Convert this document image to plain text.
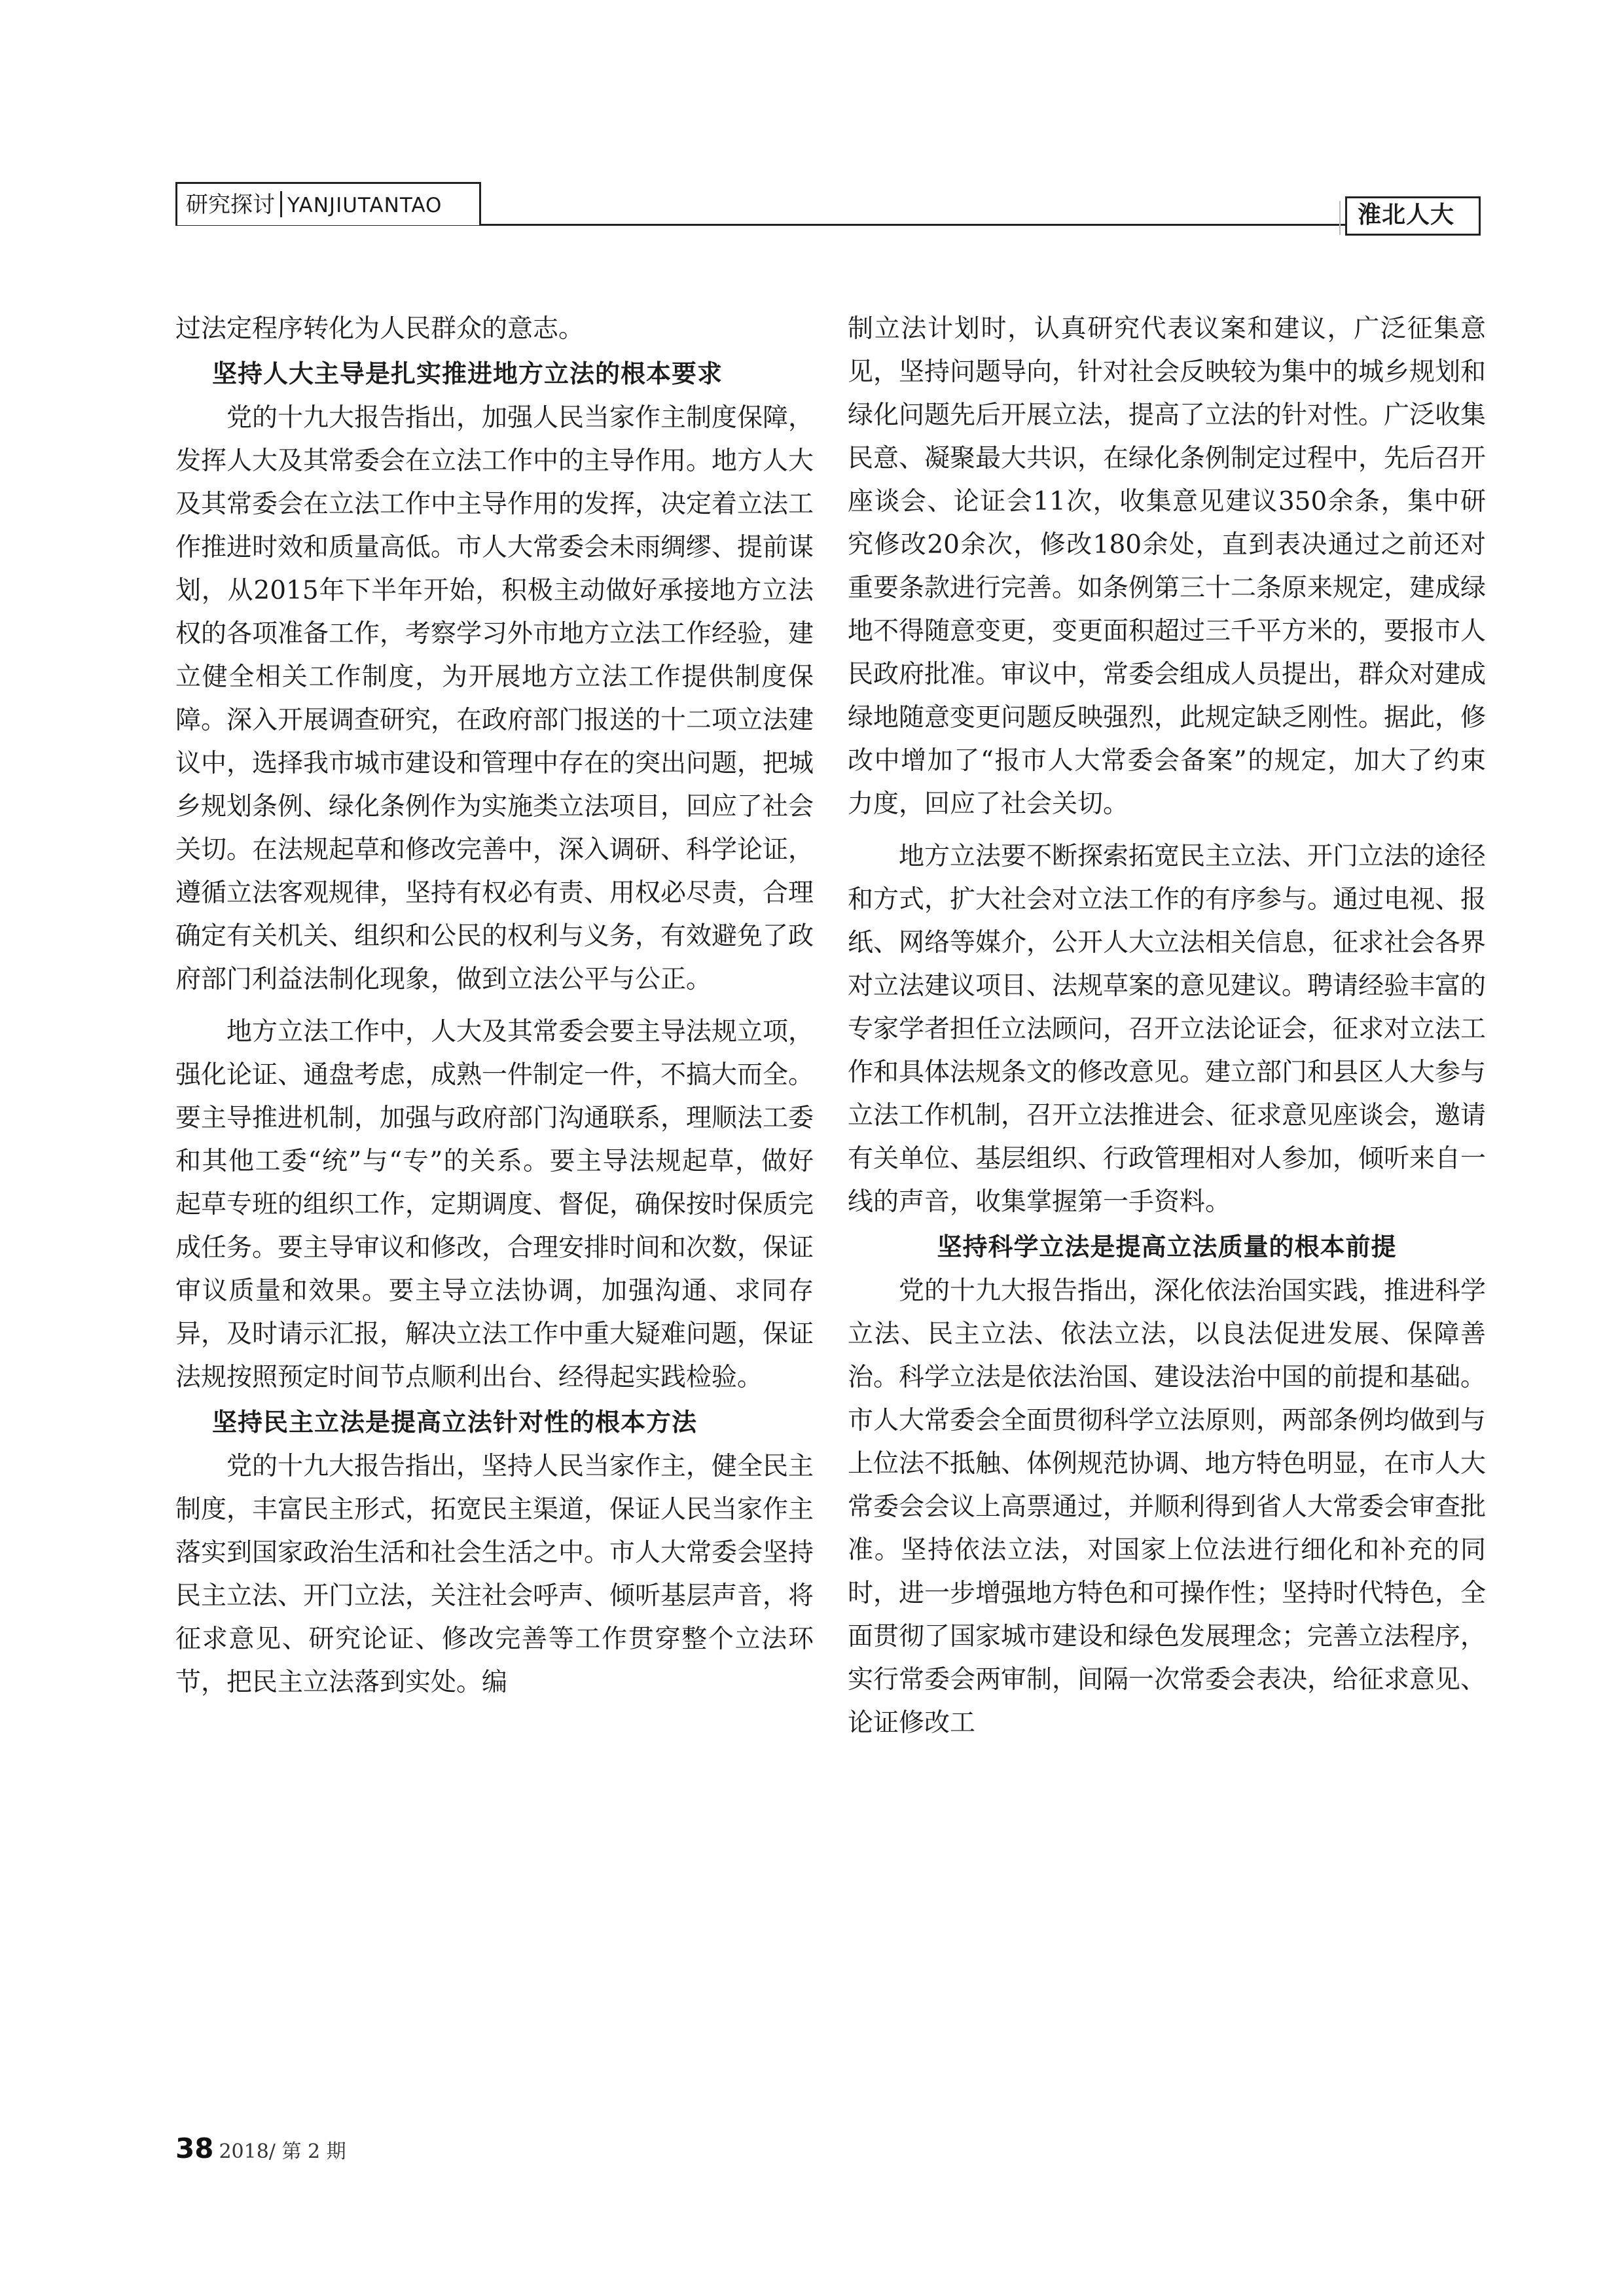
研究探讨 YANJIUTANTAO	淮北人大

过法定程序转化为人民群众的意志。

坚持人大主导是扎实推进地方立法的根本要求

党的十九大报告指出，加强人民当家作主制度保障，发挥人大及其常委会在立法工作中的主导作用。地方人大及其常委会在立法工作中主导作用的发挥，决定着立法工作推进时效和质量高低。市人大常委会未雨绸缪、提前谋划，从2015年下半年开始，积极主动做好承接地方立法权的各项准备工作，考察学习外市地方立法工作经验，建立健全相关工作制度，为开展地方立法工作提供制度保障。深入开展调查研究，在政府部门报送的十二项立法建议中，选择我市城市建设和管理中存在的突出问题，把城乡规划条例、绿化条例作为实施类立法项目，回应了社会关切。在法规起草和修改完善中，深入调研、科学论证，遵循立法客观规律，坚持有权必有责、用权必尽责，合理确定有关机关、组织和公民的权利与义务，有效避免了政府部门利益法制化现象，做到立法公平与公正。

地方立法工作中，人大及其常委会要主导法规立项，强化论证、通盘考虑，成熟一件制定一件，不搞大而全。要主导推进机制，加强与政府部门沟通联系，理顺法工委和其他工委“统”与“专”的关系。要主导法规起草，做好起草专班的组织工作，定期调度、督促，确保按时保质完成任务。要主导审议和修改，合理安排时间和次数，保证审议质量和效果。要主导立法协调，加强沟通、求同存异，及时请示汇报，解决立法工作中重大疑难问题，保证法规按照预定时间节点顺利出台、经得起实践检验。

坚持民主立法是提高立法针对性的根本方法

党的十九大报告指出，坚持人民当家作主，健全民主制度，丰富民主形式，拓宽民主渠道，保证人民当家作主落实到国家政治生活和社会生活之中。市人大常委会坚持民主立法、开门立法，关注社会呼声、倾听基层声音，将征求意见、研究论证、修改完善等工作贯穿整个立法环节，把民主立法落到实处。编

制立法计划时，认真研究代表议案和建议，广泛征集意见，坚持问题导向，针对社会反映较为集中的城乡规划和绿化问题先后开展立法，提高了立法的针对性。广泛收集民意、凝聚最大共识，在绿化条例制定过程中，先后召开座谈会、论证会11次，收集意见建议350余条，集中研究修改20余次，修改180余处，直到表决通过之前还对重要条款进行完善。如条例第三十二条原来规定，建成绿地不得随意变更，变更面积超过三千平方米的，要报市人民政府批准。审议中，常委会组成人员提出，群众对建成绿地随意变更问题反映强烈，此规定缺乏刚性。据此，修改中增加了“报市人大常委会备案”的规定，加大了约束力度，回应了社会关切。

地方立法要不断探索拓宽民主立法、开门立法的途径和方式，扩大社会对立法工作的有序参与。通过电视、报纸、网络等媒介，公开人大立法相关信息，征求社会各界对立法建议项目、法规草案的意见建议。聘请经验丰富的专家学者担任立法顾问，召开立法论证会，征求对立法工作和具体法规条文的修改意见。建立部门和县区人大参与立法工作机制，召开立法推进会、征求意见座谈会，邀请有关单位、基层组织、行政管理相对人参加，倾听来自一线的声音，收集掌握第一手资料。

坚持科学立法是提高立法质量的根本前提

党的十九大报告指出，深化依法治国实践，推进科学立法、民主立法、依法立法，以良法促进发展、保障善治。科学立法是依法治国、建设法治中国的前提和基础。市人大常委会全面贯彻科学立法原则，两部条例均做到与上位法不抵触、体例规范协调、地方特色明显，在市人大常委会会议上高票通过，并顺利得到省人大常委会审查批准。坚持依法立法，对国家上位法进行细化和补充的同时，进一步增强地方特色和可操作性；坚持时代特色，全面贯彻了国家城市建设和绿色发展理念；完善立法程序，实行常委会两审制，间隔一次常委会表决，给征求意见、论证修改工

38 2018/ 第 2 期
